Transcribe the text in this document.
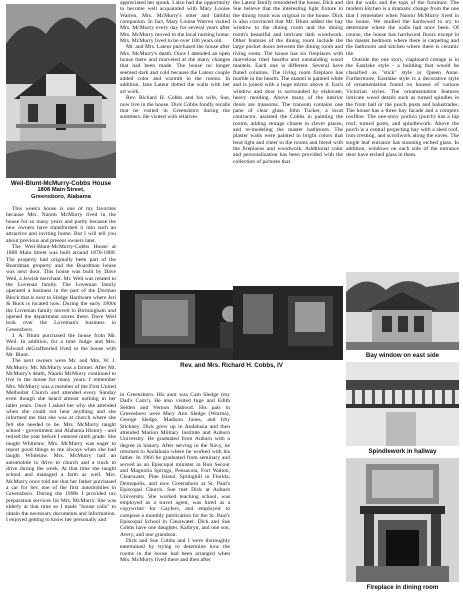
Weil-Blunt-McMurry-Cobbs House
1808 Main Street,
Greensboro, Alabama

This week's house is one of my favorites because Mrs. Naomi McMurry lived in the house for so many years and partly because the new owners have transformed it into such an attractive and inviting home. But I will tell you about previous and present owners later.

The Weil-Blunt-McMurry-Cobbs House at 1808 Main Street was built around 1870-1880. The property had originally been part of the Boardman property and the Boardman house was next door. This house was built by Dave Weil, a Jewish merchant. Mr. Weil was related to the Lovenan family. The Loveman family operated a business in the part of the Dorman Block that is next to Sledge Hardware where Jeri & Buck is located now. During the early 1900s the Loveman family moved to Birmingham and opened the department stores there. Dave Weil took over the Loveman's business in Greensboro.

J. A. Blunt purchased the house from Mr. Weil. In addition, for a time Judge and Mrs. Edward deGraffenried lived in the house with Mr. Blunt.

The next owners were Mr. and Mrs. W. J. McMurry. Mr. McMurry was a farmer. After Mr. McMurry's death, Naomi McMurry continued to live in the house for many years. I remember Mrs. McMurry was a member of the First United Methodist Church and attended every Sunday even though she heard almost nothing in her latter years. Once I asked her why she attended when she could not hear anything and she informed me that she was at church where she felt she needed to be. Mrs. McMurry taught school - government and Alabama History - and retired the year before I entered ninth grade. She taught Whitelaw. Mrs. McMurry was eager to report good things to me always when she had taught Whitelaw. Mrs. McMurry had an automobile to drive to church and a truck to drive during the week. At that time she taught school and managed a farm as well. Mrs. McMurry once told me that her father purchased a car for her, one of the first automobiles in Greensboro. During the 1990s I provided tax preparation services for Mrs. McMurry. She was elderly at that time so I made "house calls" to obtain the necessary documents and information. I enjoyed getting to know her personally and

appreciated her spunk. I also had the opportunity to become well acquainted with Mary Louise Warren, Mrs. McMurry's sitter and faithful companion. In fact, Mary Louise Warren visited Mrs. McMurry every day for several years after Mrs. McMurry moved to the local nursing home. Mrs. McMurry lived to be over 100 years old.

Mr. and Mrs. Lateur purchased the house after Mrs. McMurry's death. Once I attended an open house there and marveled at the many changes that had been made. The house no longer seemed dark and cold because the Lateur couple added color and warmth to the rooms. In addition, Jane Lateur dotted the walls with her art work.

Rev. Richard H. Cobbs and his wife, Sue, now live in the house. Dick Cobbs fondly recalls that he visited in Greensboro during the summers. He visited with relatives

Rev. and Mrs. Richard H. Cobbs, IV

in Greensboro. His aunt was Cam Sledge (my Dad's Cam!). He also visited Inge and Edith Selden and Vernon Mabood. His pals in Greensboro were Mary Ann Sledge (Worma), George Sledge, Madison Jones, and Irby Stickney. Dick grew up in Andalusia and then attended Marion Military Institute and Auburn University. He graduated from Auburn with a degree in history. After serving in the Navy, he returned to Andalusia where he worked with his father. In 1966 he graduated from seminary and served as an Episcopal minister in Bon Secour and Magnolia Springs, Pensacola, Fort Walton, Clearwater, Pine Island, Springhill in Florida, Demopolis, and now Greensboro at St. Paul's Episcopal Church. Sue met Dick at Auburn University. She worked teaching school, was employed as a travel agent, was hired as a copywriter for Gayfers, and employed to compose a monthly publication for the St. Paul's Episcopal School in Clearwater. Dick and Sue Cobbs have one daughter, Kathryn, and one son, Avery, and one grandson.

Dick and Sue Cobbs and I were thoroughly entertained by trying to determine how the rooms in the house had been arranged when Mrs. McMurry lived there and then after

the Lateur family remodeled the house. Dick and Sue believe that the interesting light fixture in the dining room was original to the house. Dick is also convinced that Mr. Blunt added the bay window to the dining room and the dining room's beautiful and intricate dark woodwork. Other features of the dining room include the large pocket doors between the dining room and living room. The house has six fireplaces with marvelous tiled hearths and outstanding wood mantels. Each one is different. Several have fluted columns. The living room fireplace has marble in the hearth. The mantel is painted white and is joined with a huge mirror above it. Each window and door is surrounded by elaborate, heavy molding. Above many of the interior doors are transoms. The transom contains one pane of clear glass. John Tucker, a local contractor, assisted the Cobbs in painting the rooms, adding storage closets in clever places, and re-modeling the master bathroom. The plaster walls were painted in bright colors that lend light and cheer to the rooms and blend with the fireplaces and woodwork. Additional color and personalization has been provided with the collection of pictures that

dot the walls and the tops of the furniture. The modern kitchen is a dramatic change from the one that I remember when Naomi McMurry lived in the house. We studied the hardwood to try to determine where the walls had once been. Of course, the house has hardwood floors except in the master bedroom where there is carpeting and the bathroom and kitchen where there is ceramic tile.

Outside the one story, clapboard cottage is in the Eastlake style - a building that would be classified as "stick" style or Queen Anne. Furthermore, Eastlake style is a decorative style of ornamentation found on houses of various Victorian styles. The ornamentation features intricate wood details such as turned spindles in the front hall or the porch posts and balustrades. The house has a three bay facade and a complex roofline. The one-story portico (porch) has a hip roof, turned posts, and spindlework. Above the porch is a central projecting bay with a shed roof, iron cresting, and scrollwork along the eaves. The single leaf entrance has stunning etched glass. In addition, windows on each side of the entrance door have etched glass in them.

Bay window on east side
Spindlework in hallway
Fireplace in dining room
